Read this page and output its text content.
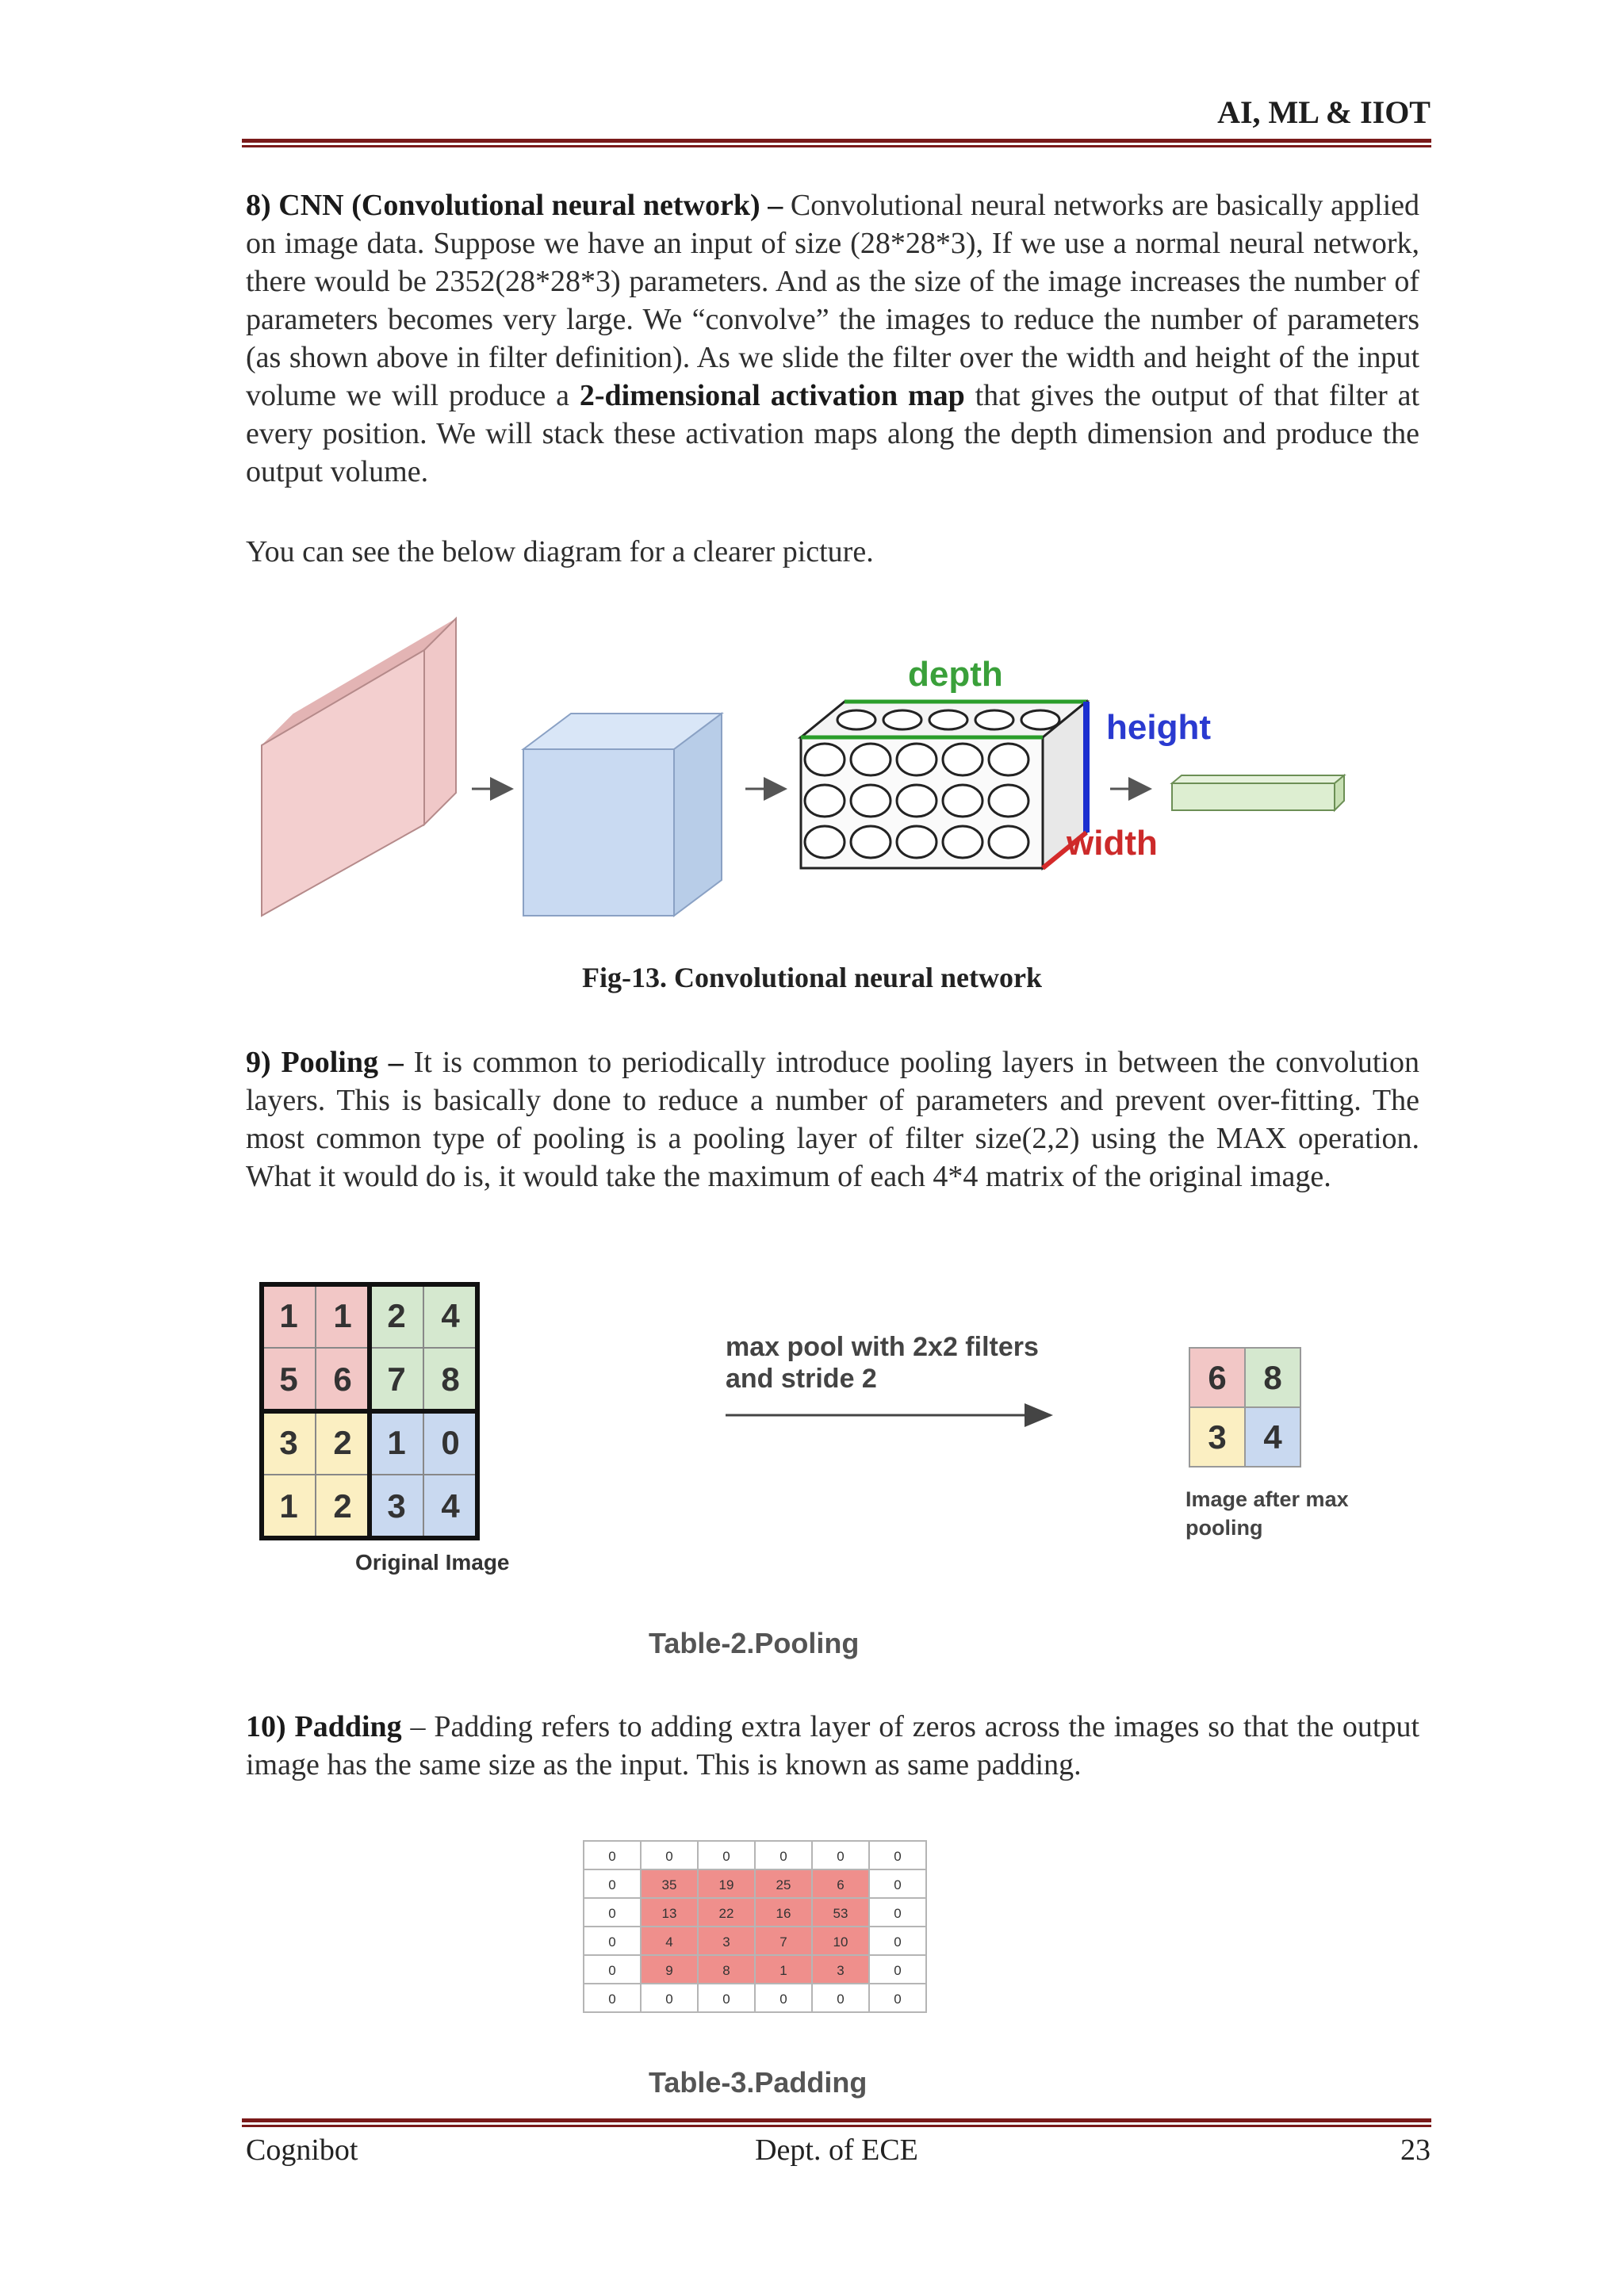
AI, ML & IIOT
8) CNN (Convolutional neural network) – Convolutional neural networks are basically applied on image data. Suppose we have an input of size (28*28*3), If we use a normal neural network, there would be 2352(28*28*3) parameters. And as the size of the image increases the number of parameters becomes very large. We “convolve” the images to reduce the number of parameters (as shown above in filter definition). As we slide the filter over the width and height of the input volume we will produce a 2-dimensional activation map that gives the output of that filter at every position. We will stack these activation maps along the depth dimension and produce the output volume.
You can see the below diagram for a clearer picture.
depth
height
width
Fig-13. Convolutional neural network
9) Pooling – It is common to periodically introduce pooling layers in between the convolution layers. This is basically done to reduce a number of parameters and prevent over-fitting. The most common type of pooling is a pooling layer of filter size(2,2) using the MAX operation. What it would do is, it would take the maximum of each 4*4 matrix of the original image.
1 1 2 4
5 6 7 8
3 2 1 0
1 2 3 4
Original Image
max pool with 2x2 filters
and stride 2	6 8
3 4
Image after max
pooling
Table-2.Pooling
10) Padding – Padding refers to adding extra layer of zeros across the images so that the output image has the same size as the input. This is known as same padding.
0	0	0	0	0	0
0	35	19	25	6	0
0	13	22	16	53	0
0	4	3	7	10	0
0	9	8	1	3	0
0	0	0	0	0	0
Table-3.Padding
Cognibot	Dept. of ECE	23
